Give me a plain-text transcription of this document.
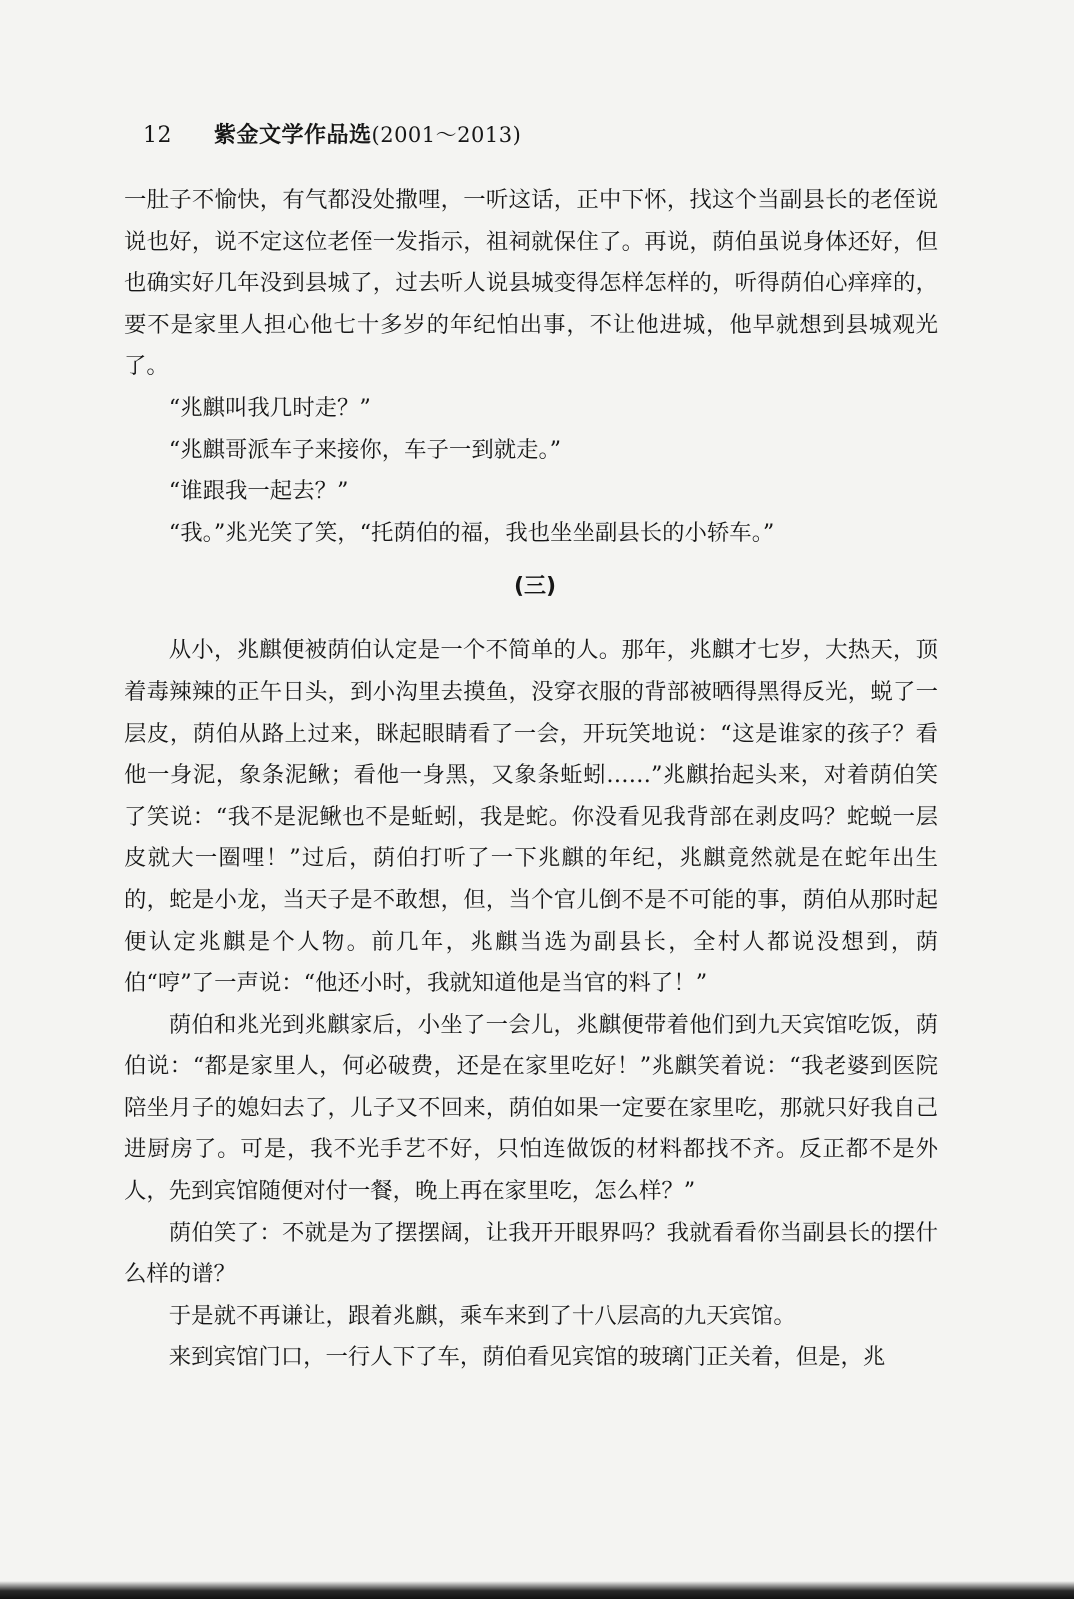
12 紫金文学作品选(2001～2013)

一肚子不愉快，有气都没处撒哩，一听这话，正中下怀，找这个当副县长的老侄说说也好，说不定这位老侄一发指示，祖祠就保住了。再说，荫伯虽说身体还好，但也确实好几年没到县城了，过去听人说县城变得怎样怎样的，听得荫伯心痒痒的，要不是家里人担心他七十多岁的年纪怕出事，不让他进城，他早就想到县城观光了。

“兆麒叫我几时走？”

“兆麒哥派车子来接你，车子一到就走。”

“谁跟我一起去？”

“我。”兆光笑了笑，“托荫伯的福，我也坐坐副县长的小轿车。”

(三)

从小，兆麒便被荫伯认定是一个不简单的人。那年，兆麒才七岁，大热天，顶着毒辣辣的正午日头，到小沟里去摸鱼，没穿衣服的背部被晒得黑得反光，蜕了一层皮，荫伯从路上过来，眯起眼睛看了一会，开玩笑地说：“这是谁家的孩子？看他一身泥，象条泥鳅；看他一身黑，又象条蚯蚓……”兆麒抬起头来，对着荫伯笑了笑说：“我不是泥鳅也不是蚯蚓，我是蛇。你没看见我背部在剥皮吗？蛇蜕一层皮就大一圈哩！”过后，荫伯打听了一下兆麒的年纪，兆麒竟然就是在蛇年出生的，蛇是小龙，当天子是不敢想，但，当个官儿倒不是不可能的事，荫伯从那时起便认定兆麒是个人物。前几年，兆麒当选为副县长，全村人都说没想到，荫伯“哼”了一声说：“他还小时，我就知道他是当官的料了！”

荫伯和兆光到兆麒家后，小坐了一会儿，兆麒便带着他们到九天宾馆吃饭，荫伯说：“都是家里人，何必破费，还是在家里吃好！”兆麒笑着说：“我老婆到医院陪坐月子的媳妇去了，儿子又不回来，荫伯如果一定要在家里吃，那就只好我自己进厨房了。可是，我不光手艺不好，只怕连做饭的材料都找不齐。反正都不是外人，先到宾馆随便对付一餐，晚上再在家里吃，怎么样？”

荫伯笑了：不就是为了摆摆阔，让我开开眼界吗？我就看看你当副县长的摆什么样的谱？

于是就不再谦让，跟着兆麒，乘车来到了十八层高的九天宾馆。

来到宾馆门口，一行人下了车，荫伯看见宾馆的玻璃门正关着，但是，兆
